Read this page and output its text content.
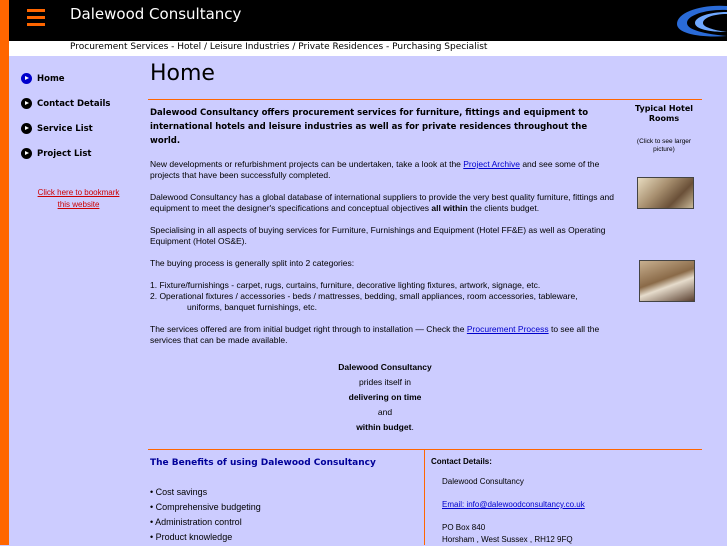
Dalewood Consultancy
Procurement Services - Hotel / Leisure Industries / Private Residences - Purchasing Specialist
Home
Contact Details
Service List
Project List
Click here to bookmark
this website
Home

Dalewood Consultancy offers procurement services for furniture, fittings and equipment to international hotels and leisure industries as well as for private residences throughout the world.

New developments or refurbishment projects can be undertaken, take a look at the Project Archive and see some of the projects that have been successfully completed.

Dalewood Consultancy has a global database of international suppliers to provide the very best quality furniture, fittings and equipment to meet the designer's specifications and conceptual objectives all within the clients budget.

Specialising in all aspects of buying services for Furniture, Furnishings and Equipment (Hotel FF&E) as well as Operating Equipment (Hotel OS&E).

The buying process is generally split into 2 categories:

1. Fixture/furnishings - carpet, rugs, curtains, furniture, decorative lighting fixtures, artwork, signage, etc.

2. Operational fixtures / accessories - beds / mattresses, bedding, small appliances, room accessories, tableware,

uniforms, banquet furnishings, etc.

The services offered are from initial budget right through to installation — Check the Procurement Process to see all the services that can be made available.

Dalewood Consultancy
prides itself in
delivering on time
and
within budget.
Typical Hotel Rooms
(Click to see larger picture)
The Benefits of using Dalewood Consultancy
• Cost savings
• Comprehensive budgeting
• Administration control
• Product knowledge
Contact Details:
Dalewood Consultancy
Email: info@dalewoodconsultancy.co.uk
PO Box 840
Horsham , West Sussex , RH12 9FQ
